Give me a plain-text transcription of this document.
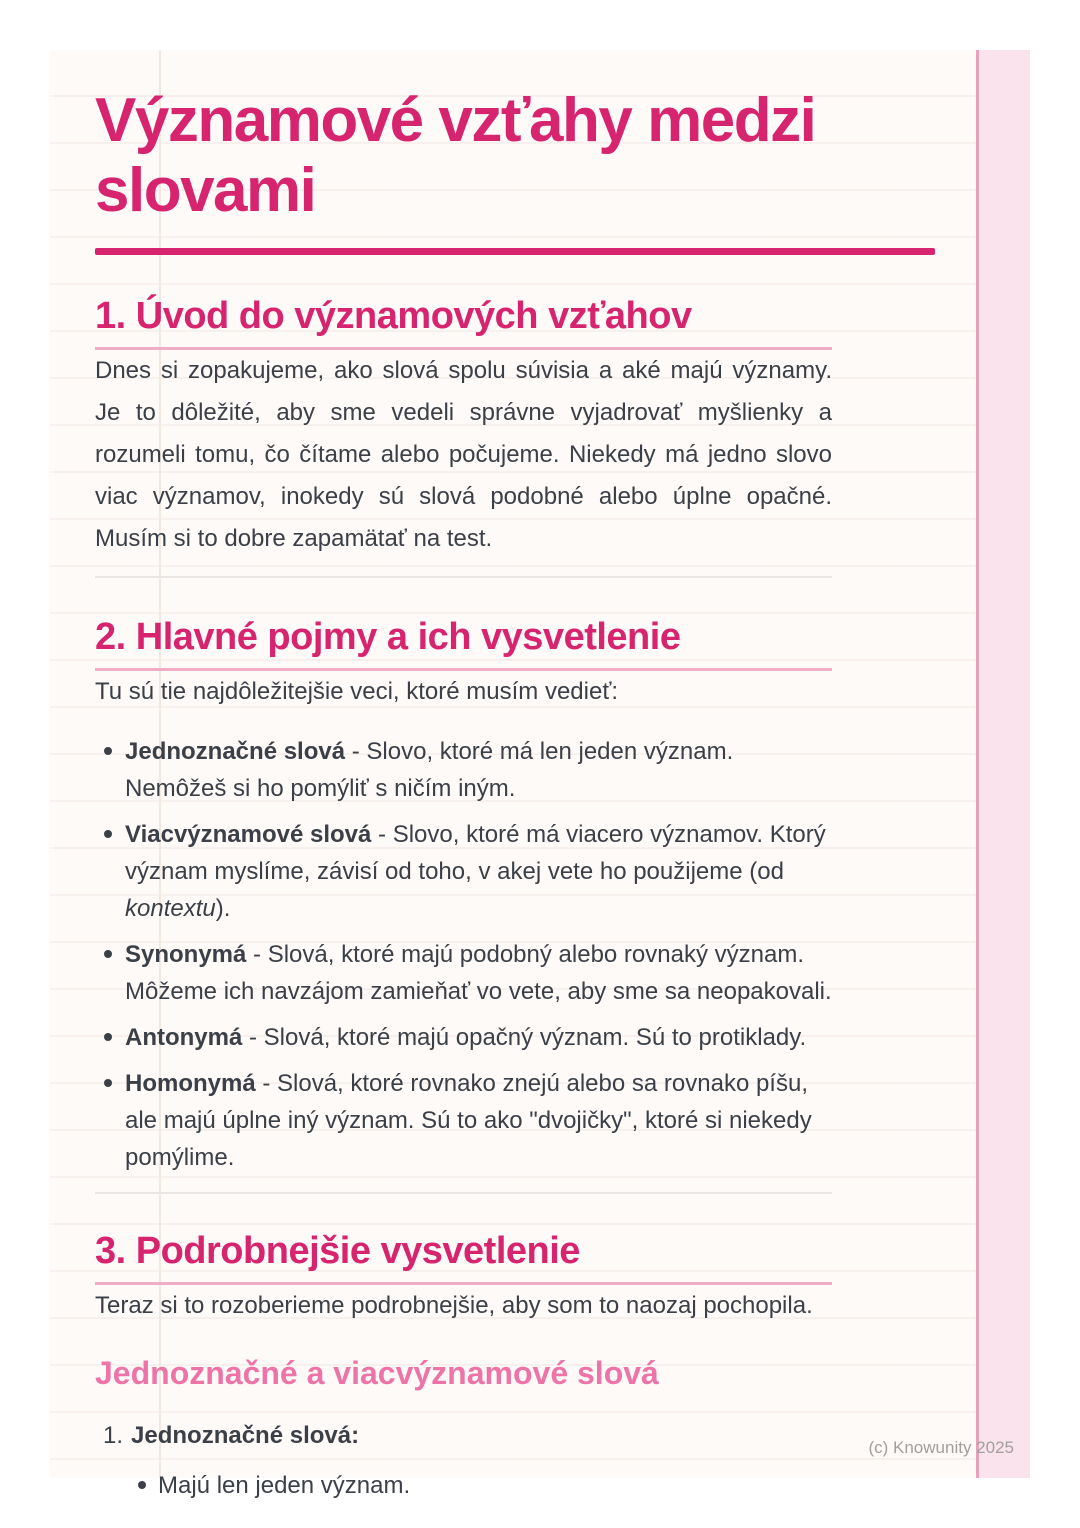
Významové vzťahy medzi slovami
1. Úvod do významových vzťahov

Dnes si zopakujeme, ako slová spolu súvisia a aké majú významy. Je to dôležité, aby sme vedeli správne vyjadrovať myšlienky a rozumeli tomu, čo čítame alebo počujeme. Niekedy má jedno slovo viac významov, inokedy sú slová podobné alebo úplne opačné. Musím si to dobre zapamätať na test.

2. Hlavné pojmy a ich vysvetlenie

Tu sú tie najdôležitejšie veci, ktoré musím vedieť:

Jednoznačné slová - Slovo, ktoré má len jeden význam. Nemôžeš si ho pomýliť s ničím iným.
Viacvýznamové slová - Slovo, ktoré má viacero významov. Ktorý význam myslíme, závisí od toho, v akej vete ho použijeme (od kontextu).
Synonymá - Slová, ktoré majú podobný alebo rovnaký význam. Môžeme ich navzájom zamieňať vo vete, aby sme sa neopakovali.
Antonymá - Slová, ktoré majú opačný význam. Sú to protiklady.
Homonymá - Slová, ktoré rovnako znejú alebo sa rovnako píšu, ale majú úplne iný význam. Sú to ako "dvojičky", ktoré si niekedy pomýlime.
3. Podrobnejšie vysvetlenie

Teraz si to rozoberieme podrobnejšie, aby som to naozaj pochopila.

Jednoznačné a viacvýznamové slová
1. Jednoznačné slová:
Majú len jeden význam.
(c) Knowunity 2025
